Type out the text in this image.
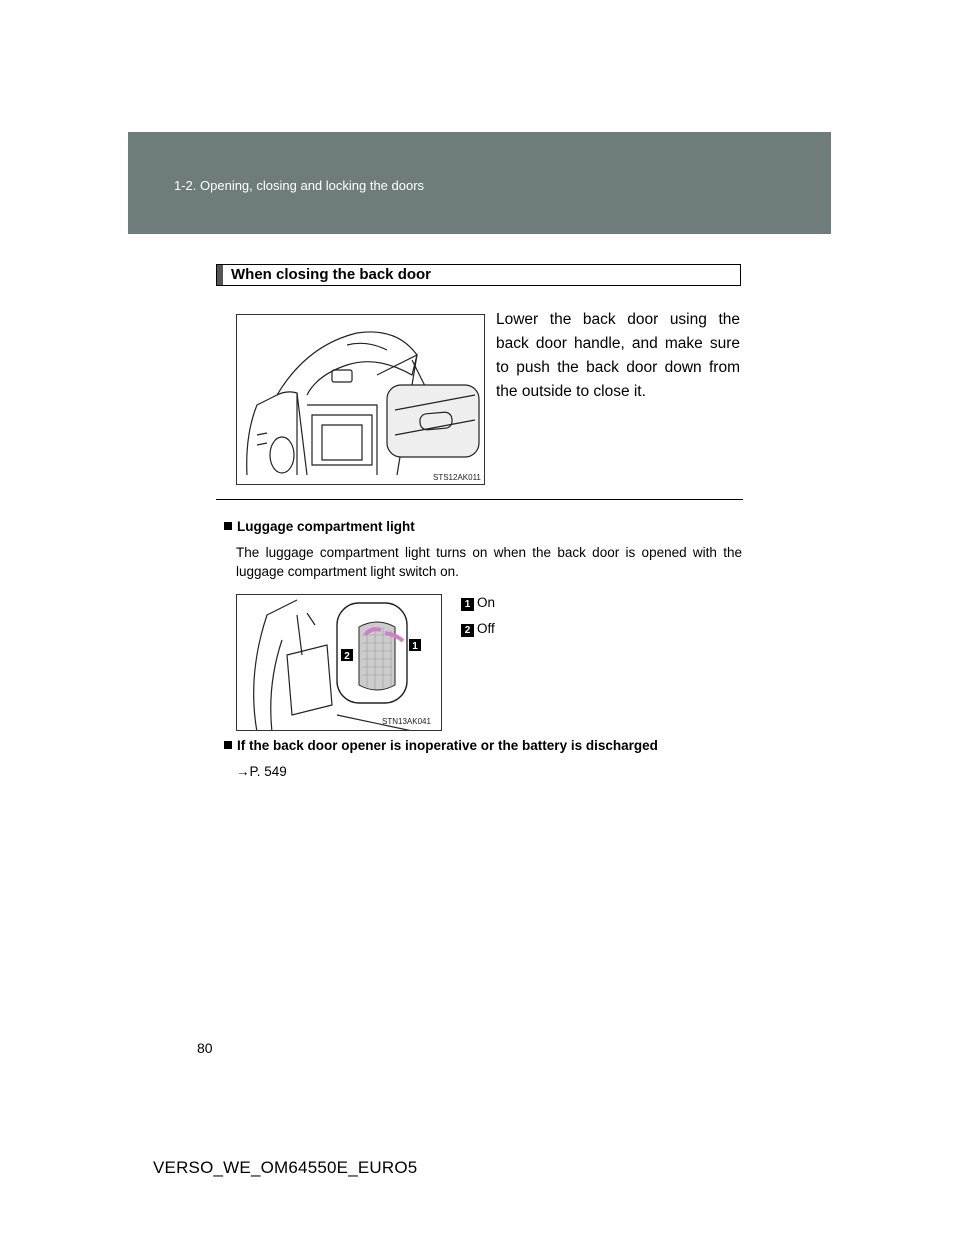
1-2. Opening, closing and locking the doors
When closing the back door
STS12AK011
Lower the back door using the back door handle, and make sure to push the back door down from the outside to close it.
Luggage compartment light
The luggage compartment light turns on when the back door is opened with the luggage compartment light switch on.
2
1
STN13AK041
1 On
2 Off
If the back door opener is inoperative or the battery is discharged
→P. 549
80
VERSO_WE_OM64550E_EURO5
